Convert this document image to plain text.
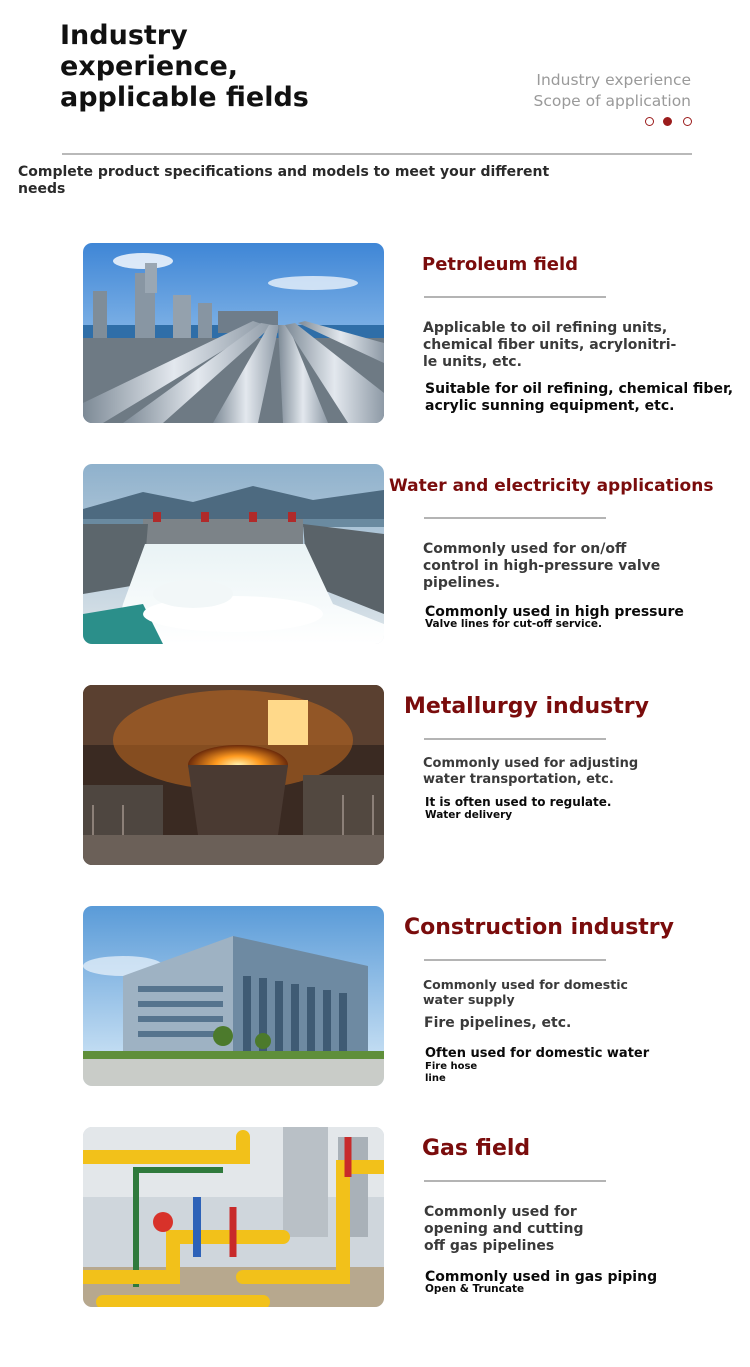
Industry
experience,
applicable fields
Industry experience
Scope of application
Complete product specifications and models to meet your different
needs
Petroleum field
Applicable to oil refining units,
chemical fiber units, acrylonitri-
le units, etc.
Suitable for oil refining, chemical fiber,
acrylic sunning equipment, etc.
Water and electricity applications
Commonly used for on/off
control in high-pressure valve
pipelines.
Commonly used in high pressure
Valve lines for cut-off service.
Metallurgy industry
Commonly used for adjusting
water transportation, etc.
It is often used to regulate.
Water delivery
Construction industry
Commonly used for domestic
water supply
Fire pipelines, etc.
Often used for domestic water
Fire hose
line
Gas field
Commonly used for
opening and cutting
off gas pipelines
Commonly used in gas piping
Open & Truncate
